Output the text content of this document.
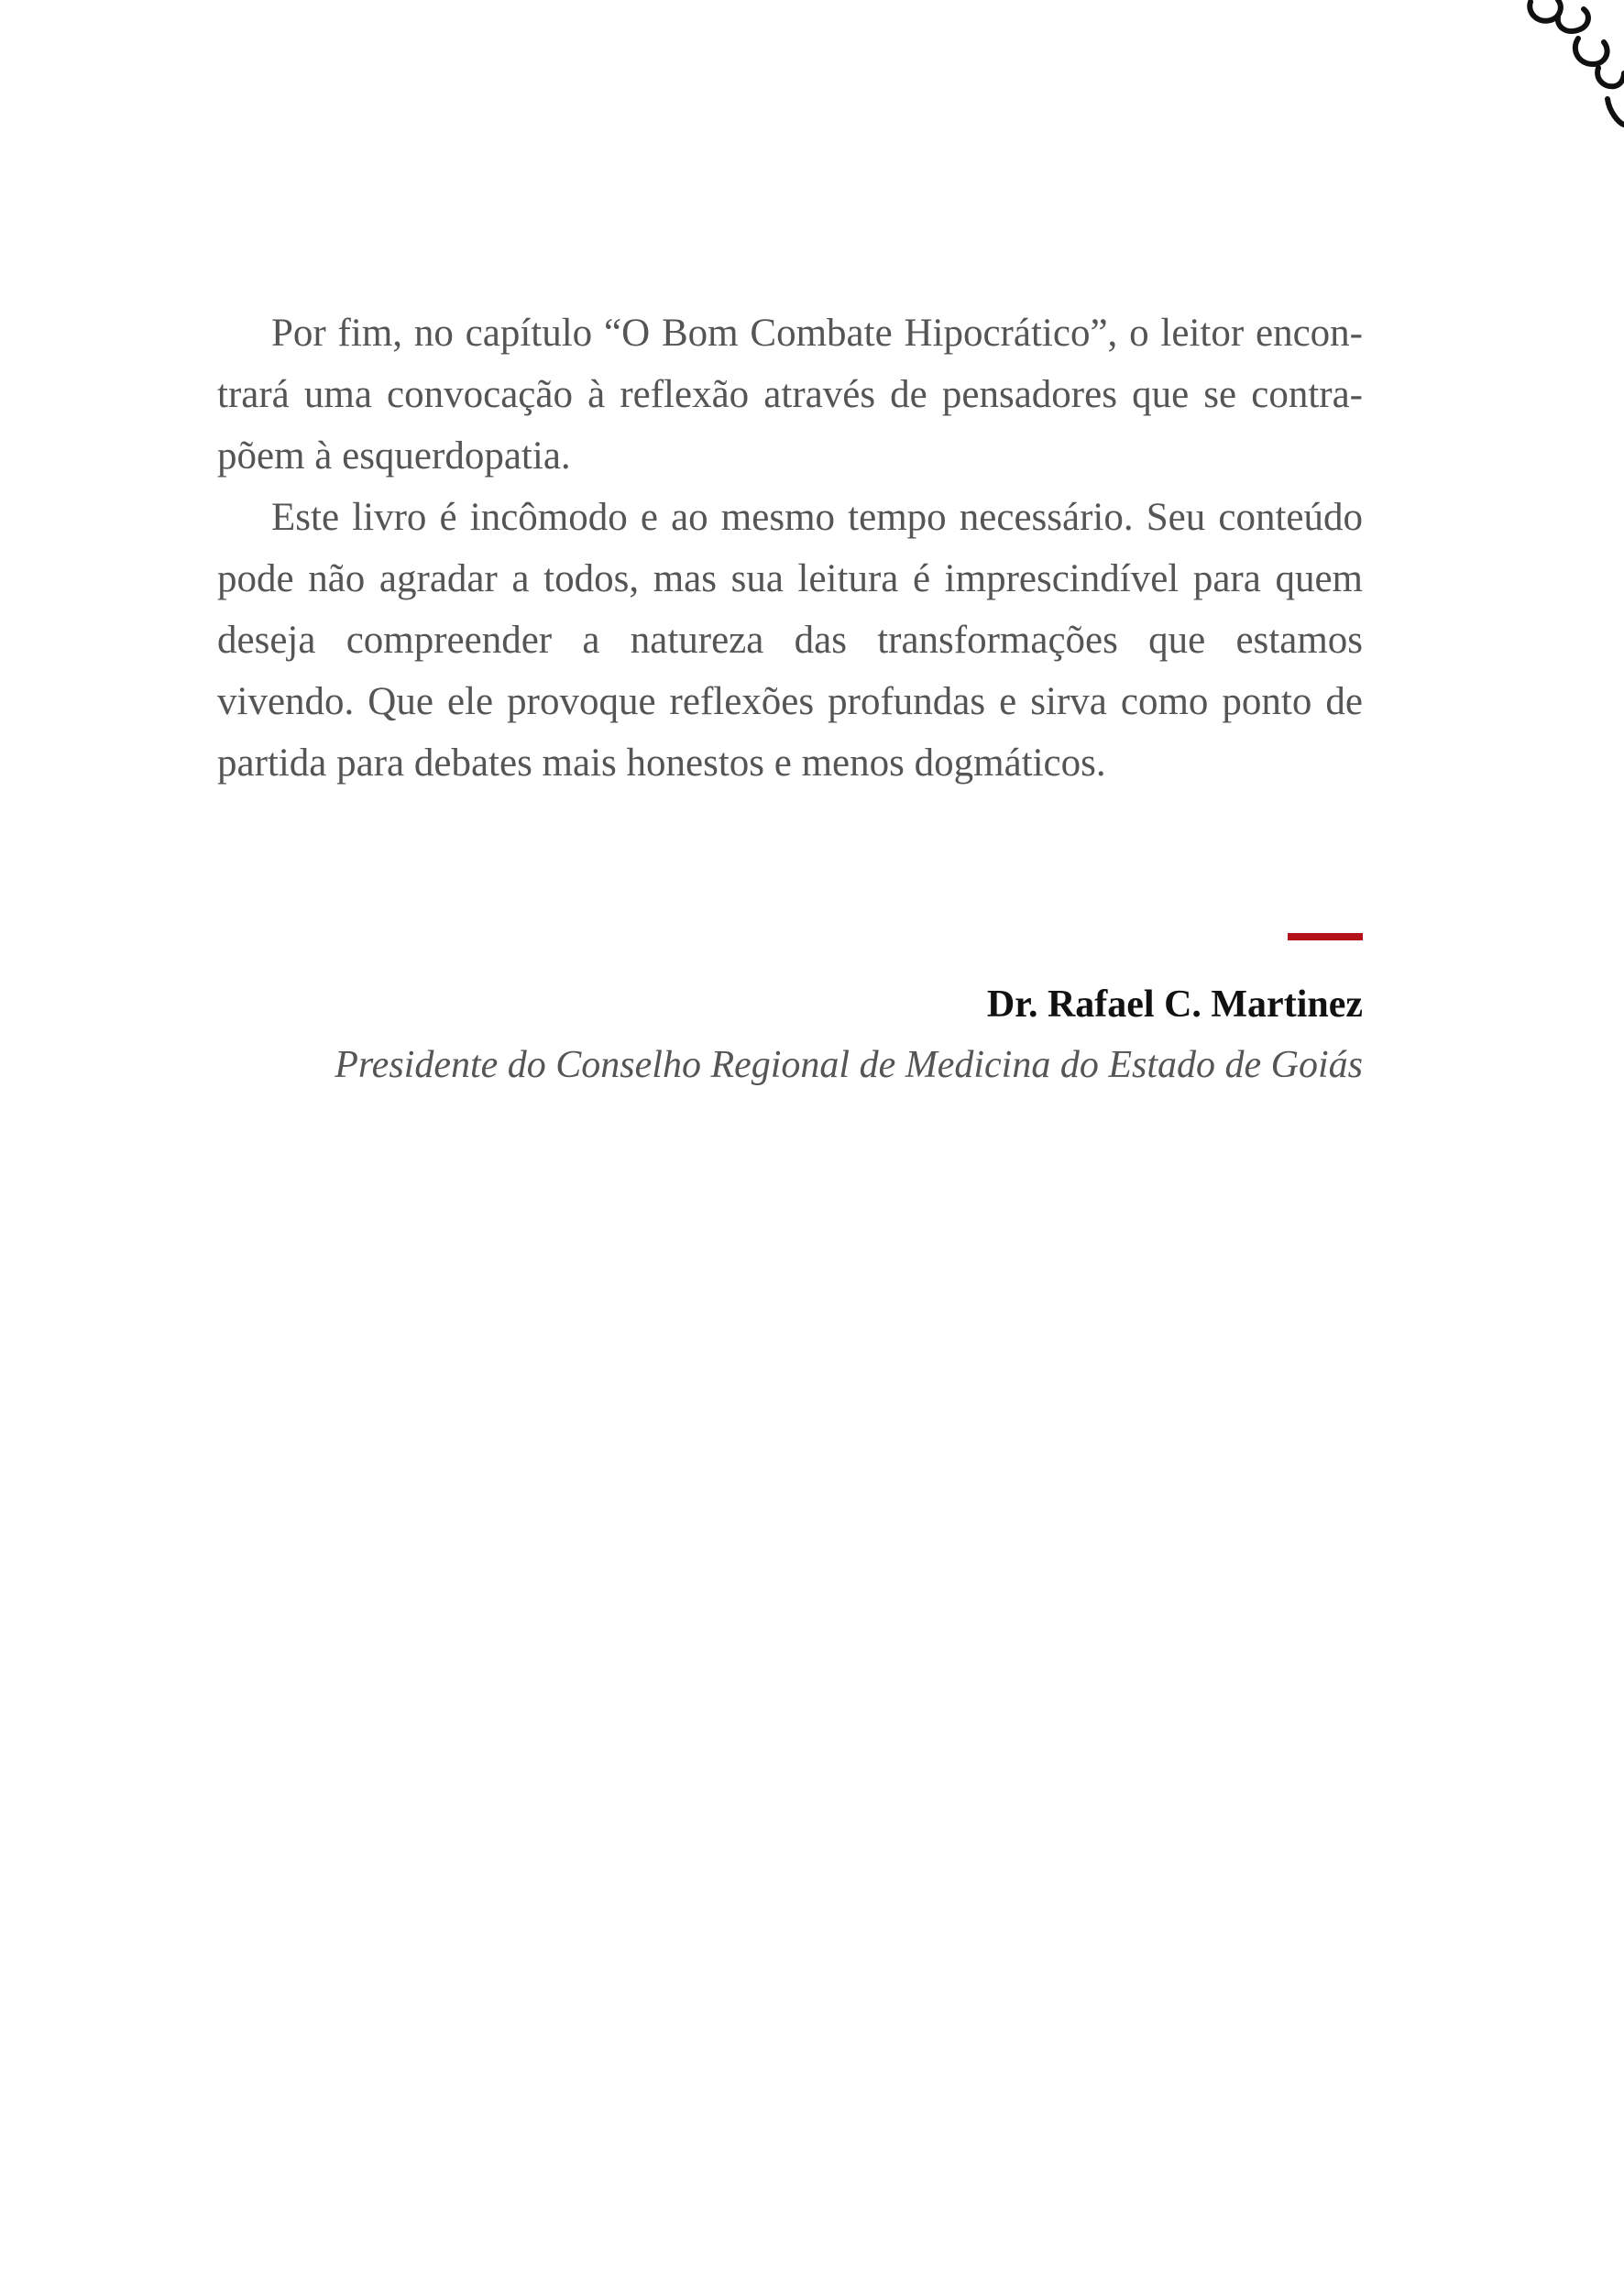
Por fim, no capítulo “O Bom Combate Hipocrático”, o leitor encontrará uma convocação à reflexão através de pensadores que se contrapõem à esquerdopatia.

Este livro é incômodo e ao mesmo tempo necessário. Seu conteúdo pode não agradar a todos, mas sua leitura é imprescindível para quem deseja compreender a natureza das transformações que estamos vivendo. Que ele provoque reflexões profundas e sirva como ponto de partida para debates mais honestos e menos dogmáticos.

Dr. Rafael C. Martinez
Presidente do Conselho Regional de Medicina do Estado de Goiás
